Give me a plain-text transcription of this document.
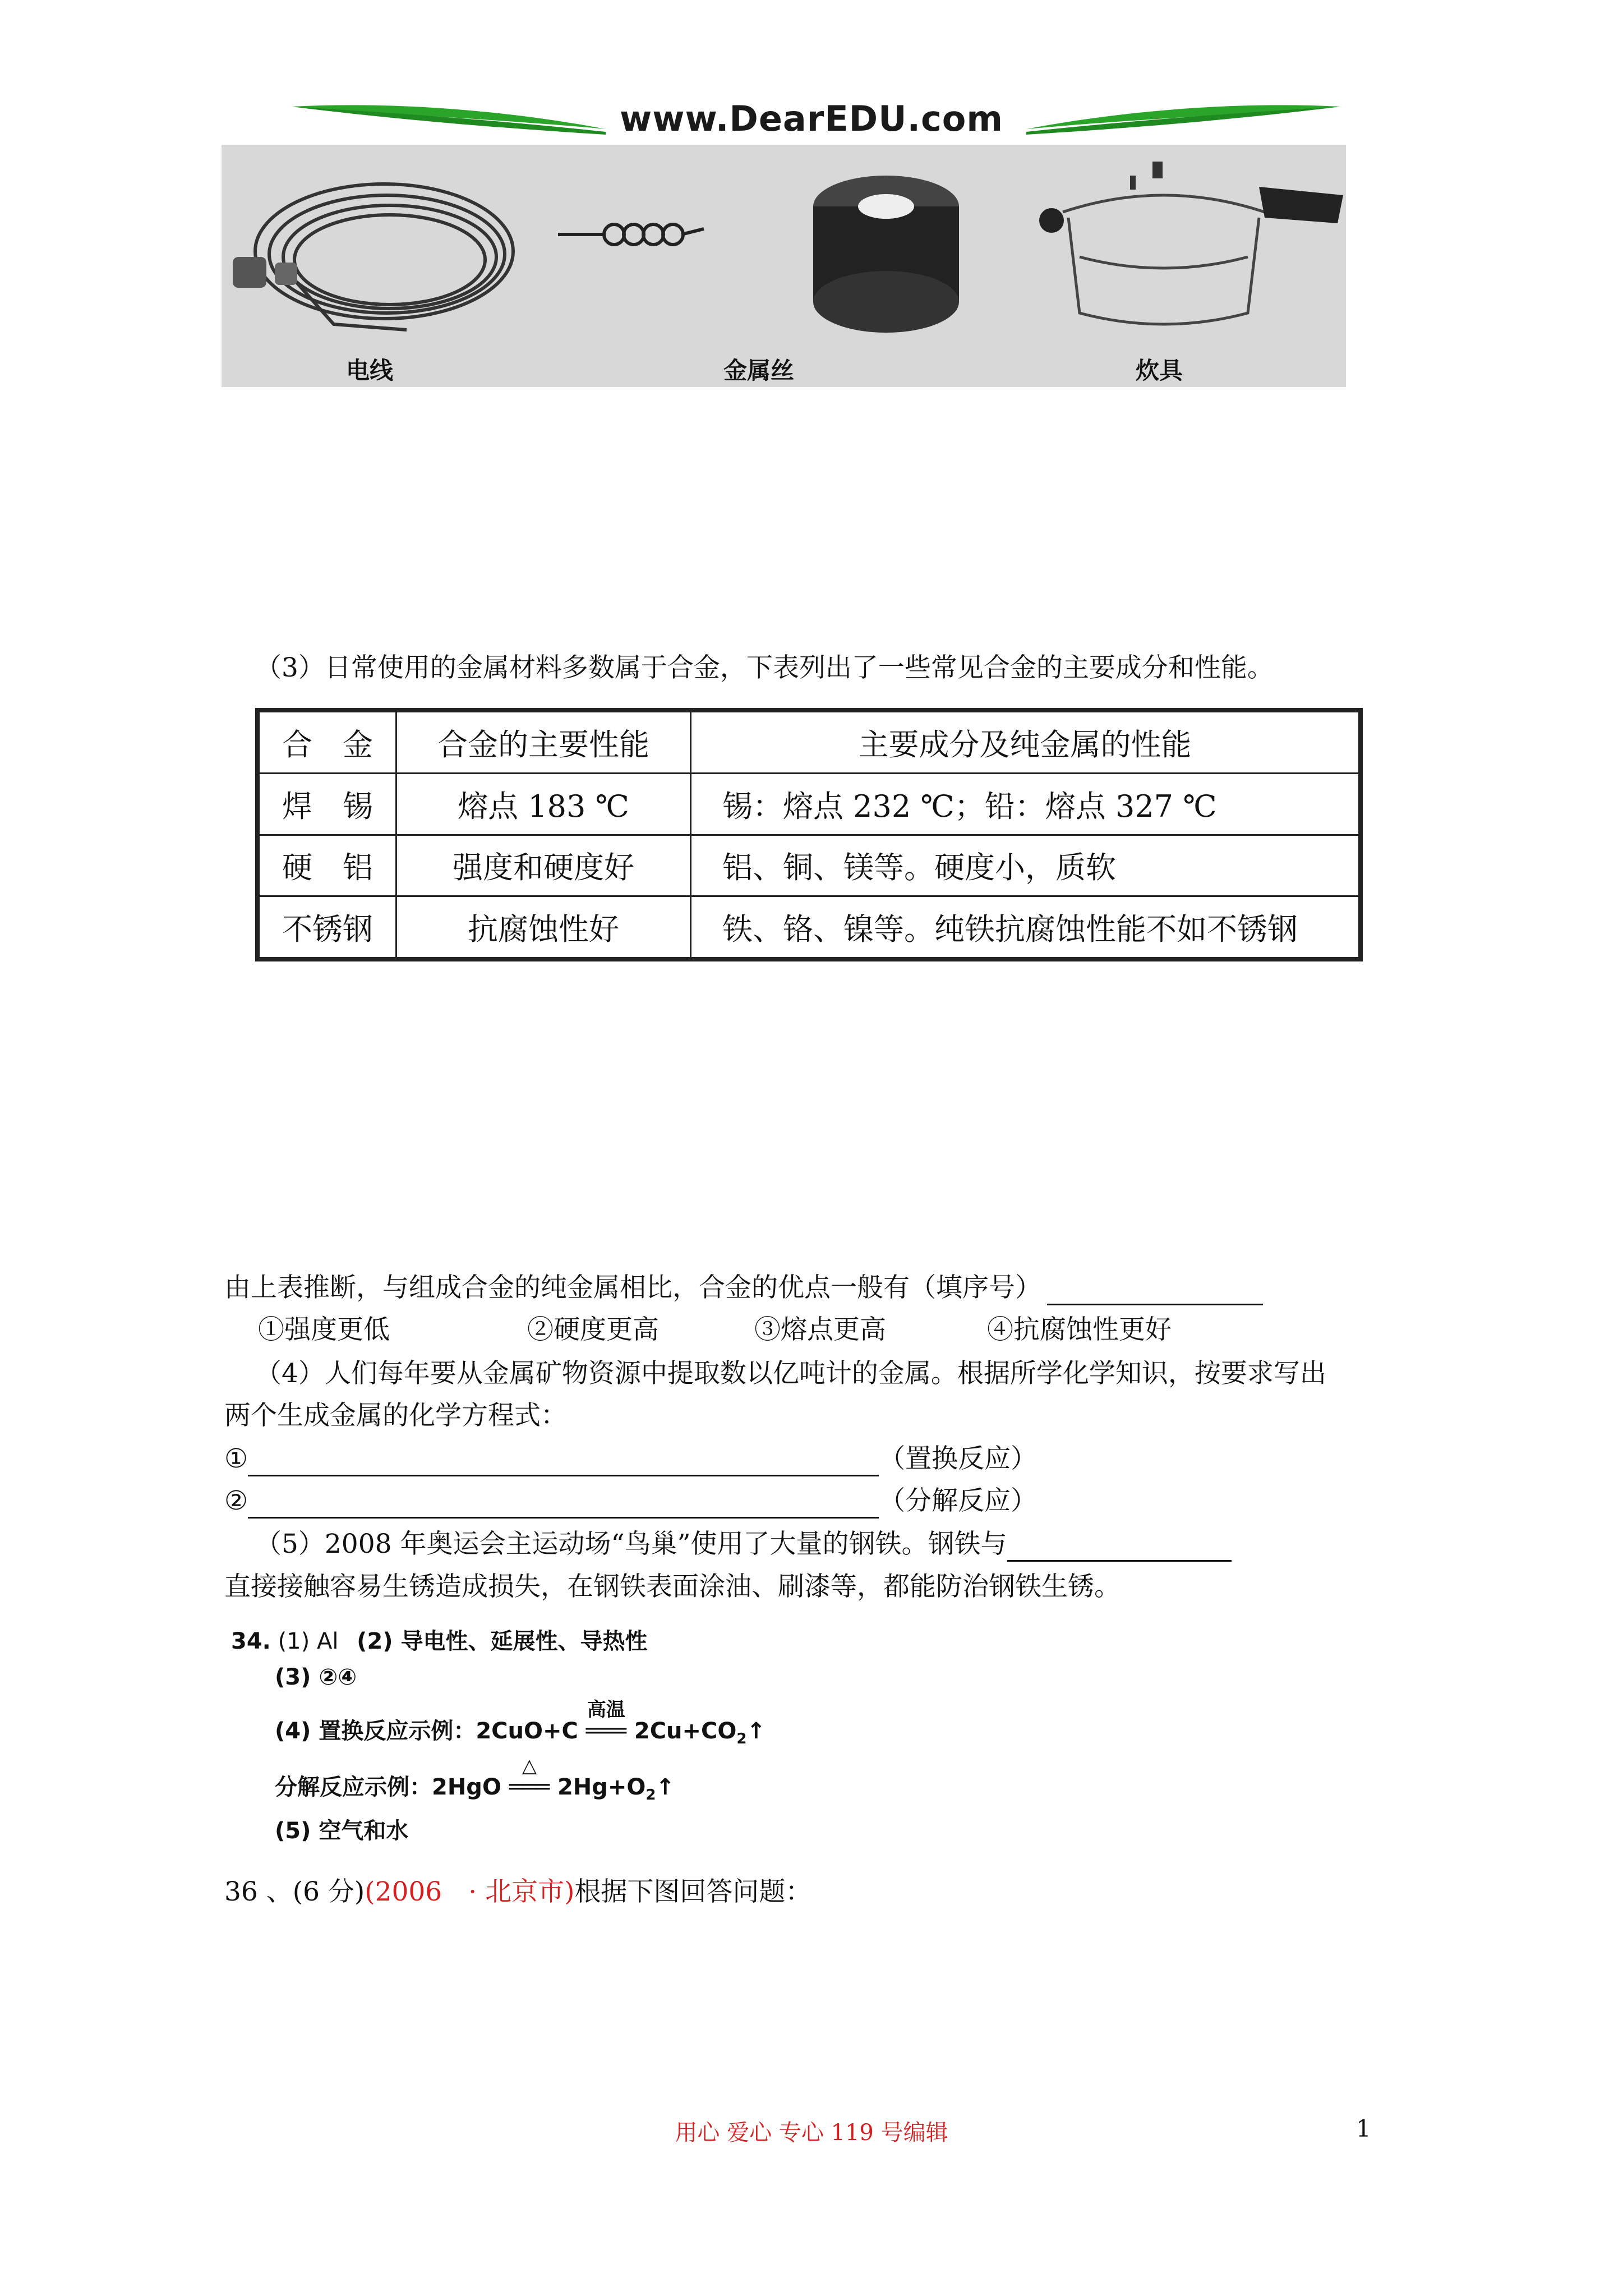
www.DearEDU.com
电线	金属丝	炊具
（3）日常使用的金属材料多数属于合金，下表列出了一些常见合金的主要成分和性能。
合　金	合金的主要性能	主要成分及纯金属的性能
焊　锡	熔点 183 ℃	锡：熔点 232 ℃；铅：熔点 327 ℃
硬　铝	强度和硬度好	铝、铜、镁等。硬度小，质软
不锈钢	抗腐蚀性好	铁、铬、镍等。纯铁抗腐蚀性能不如不锈钢
由上表推断，与组成合金的纯金属相比，合金的优点一般有（填序号）
①强度更低	②硬度更高	③熔点更高	④抗腐蚀性更好
（4）人们每年要从金属矿物资源中提取数以亿吨计的金属。根据所学化学知识，按要求写出
两个生成金属的化学方程式：
①	（置换反应）
②	（分解反应）
（5）2008 年奥运会主运动场“鸟巢”使用了大量的钢铁。钢铁与
直接接触容易生锈造成损失，在钢铁表面涂油、刷漆等，都能防治钢铁生锈。
34. (1) Al (2) 导电性、延展性、导热性
(3) ②④
(4) 置换反应示例：2CuO+C
高温
═══ $2Cu+CO_2↑$
分解反应示例：2HgO
△
═══ $2Hg+O_2↑$
(5) 空气和水
36 、(6 分)(2006　· 北京市)根据下图回答问题：
用心 爱心 专心 119 号编辑	1
